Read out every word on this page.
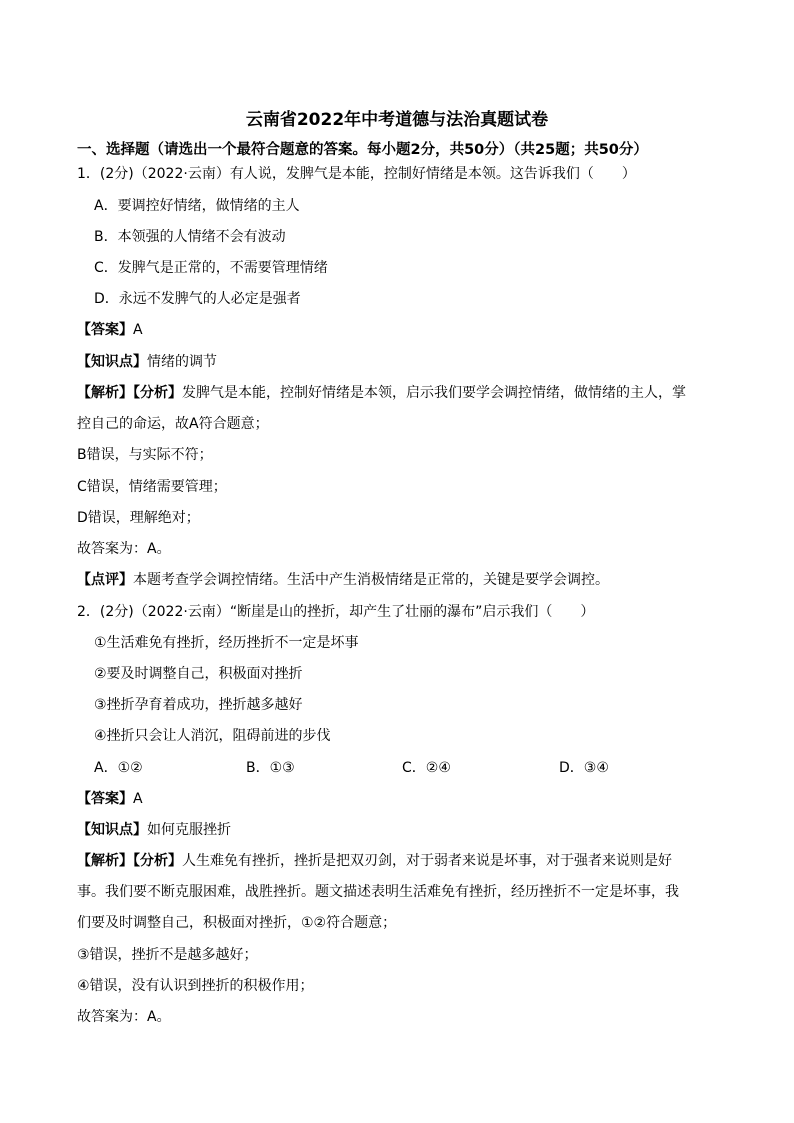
云南省2022年中考道德与法治真题试卷
一、选择题（请选出一个最符合题意的答案。每小题2分，共50分）（共25题；共50分）
1．(2分)（2022·云南）有人说，发脾气是本能，控制好情绪是本领。这告诉我们（　　）
A．要调控好情绪，做情绪的主人
B．本领强的人情绪不会有波动
C．发脾气是正常的，不需要管理情绪
D．永远不发脾气的人必定是强者
【答案】A
【知识点】情绪的调节
【解析】【分析】发脾气是本能，控制好情绪是本领，启示我们要学会调控情绪，做情绪的主人，掌
控自己的命运，故A符合题意；
B错误，与实际不符；
C错误，情绪需要管理；
D错误，理解绝对；
故答案为：A。
【点评】本题考查学会调控情绪。生活中产生消极情绪是正常的，关键是要学会调控。
2．(2分)（2022·云南）“断崖是山的挫折，却产生了壮丽的瀑布”启示我们（　　）
①生活难免有挫折，经历挫折不一定是坏事
②要及时调整自己，积极面对挫折
③挫折孕育着成功，挫折越多越好
④挫折只会让人消沉，阻碍前进的步伐
A．①②	B．①③	C．②④	D．③④
【答案】A
【知识点】如何克服挫折
【解析】【分析】人生难免有挫折，挫折是把双刃剑，对于弱者来说是坏事，对于强者来说则是好
事。我们要不断克服困难，战胜挫折。题文描述表明生活难免有挫折，经历挫折不一定是坏事，我
们要及时调整自己，积极面对挫折，①②符合题意；
③错误，挫折不是越多越好；
④错误，没有认识到挫折的积极作用；
故答案为：A。
